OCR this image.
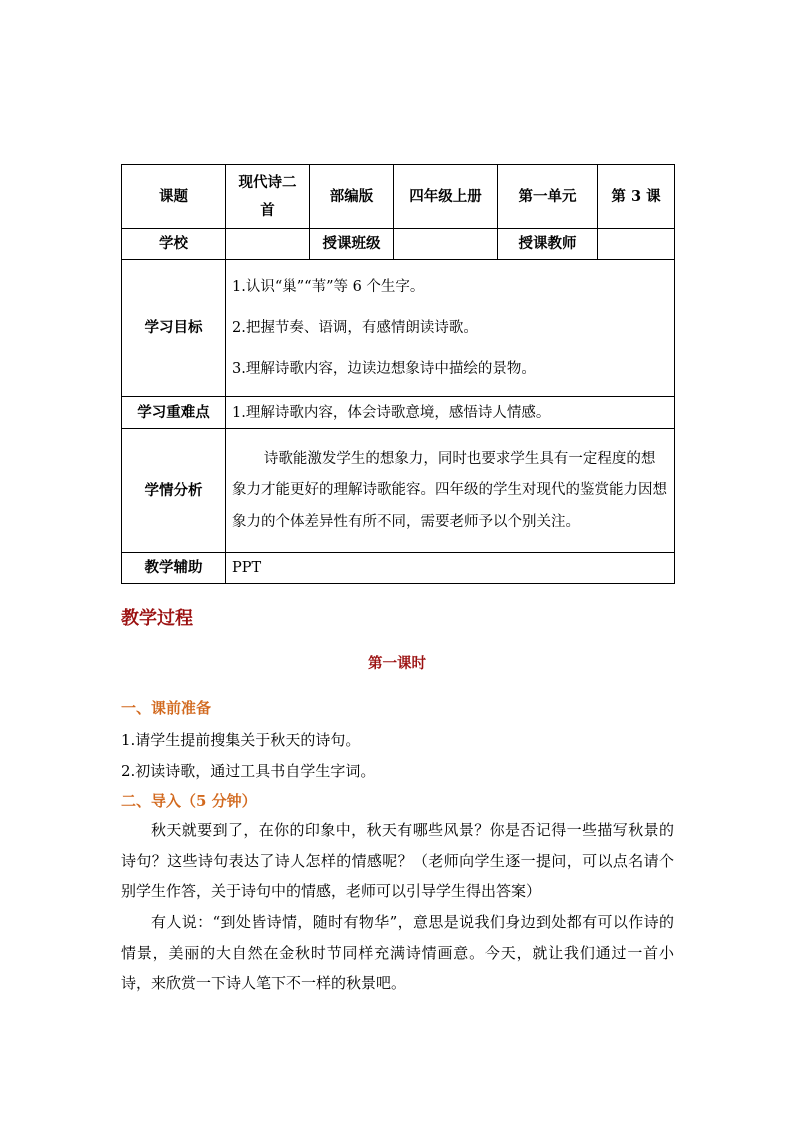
课题	现代诗二首	部编版	四年级上册	第一单元	第 3 课
学校		授课班级		授课教师	
学习目标	1.认识“巢”“苇”等 6 个生字。

2.把握节奏、语调，有感情朗读诗歌。

3.理解诗歌内容，边读边想象诗中描绘的景物。				

学习重难点	1.理解诗歌内容，体会诗歌意境，感悟诗人情感。				
学情分析	诗歌能激发学生的想象力，同时也要求学生具有一定程度的想象力才能更好的理解诗歌能容。四年级的学生对现代的鉴赏能力因想象力的个体差异性有所不同，需要老师予以个别关注。				

教学辅助	PPT				
教学过程
第一课时
一、课前准备
1.请学生提前搜集关于秋天的诗句。
2.初读诗歌，通过工具书自学生字词。
二、导入（5 分钟）

秋天就要到了，在你的印象中，秋天有哪些风景？你是否记得一些描写秋景的诗句？这些诗句表达了诗人怎样的情感呢？（老师向学生逐一提问，可以点名请个别学生作答，关于诗句中的情感，老师可以引导学生得出答案）

有人说：“到处皆诗情，随时有物华”，意思是说我们身边到处都有可以作诗的情景，美丽的大自然在金秋时节同样充满诗情画意。今天，就让我们通过一首小诗，来欣赏一下诗人笔下不一样的秋景吧。
